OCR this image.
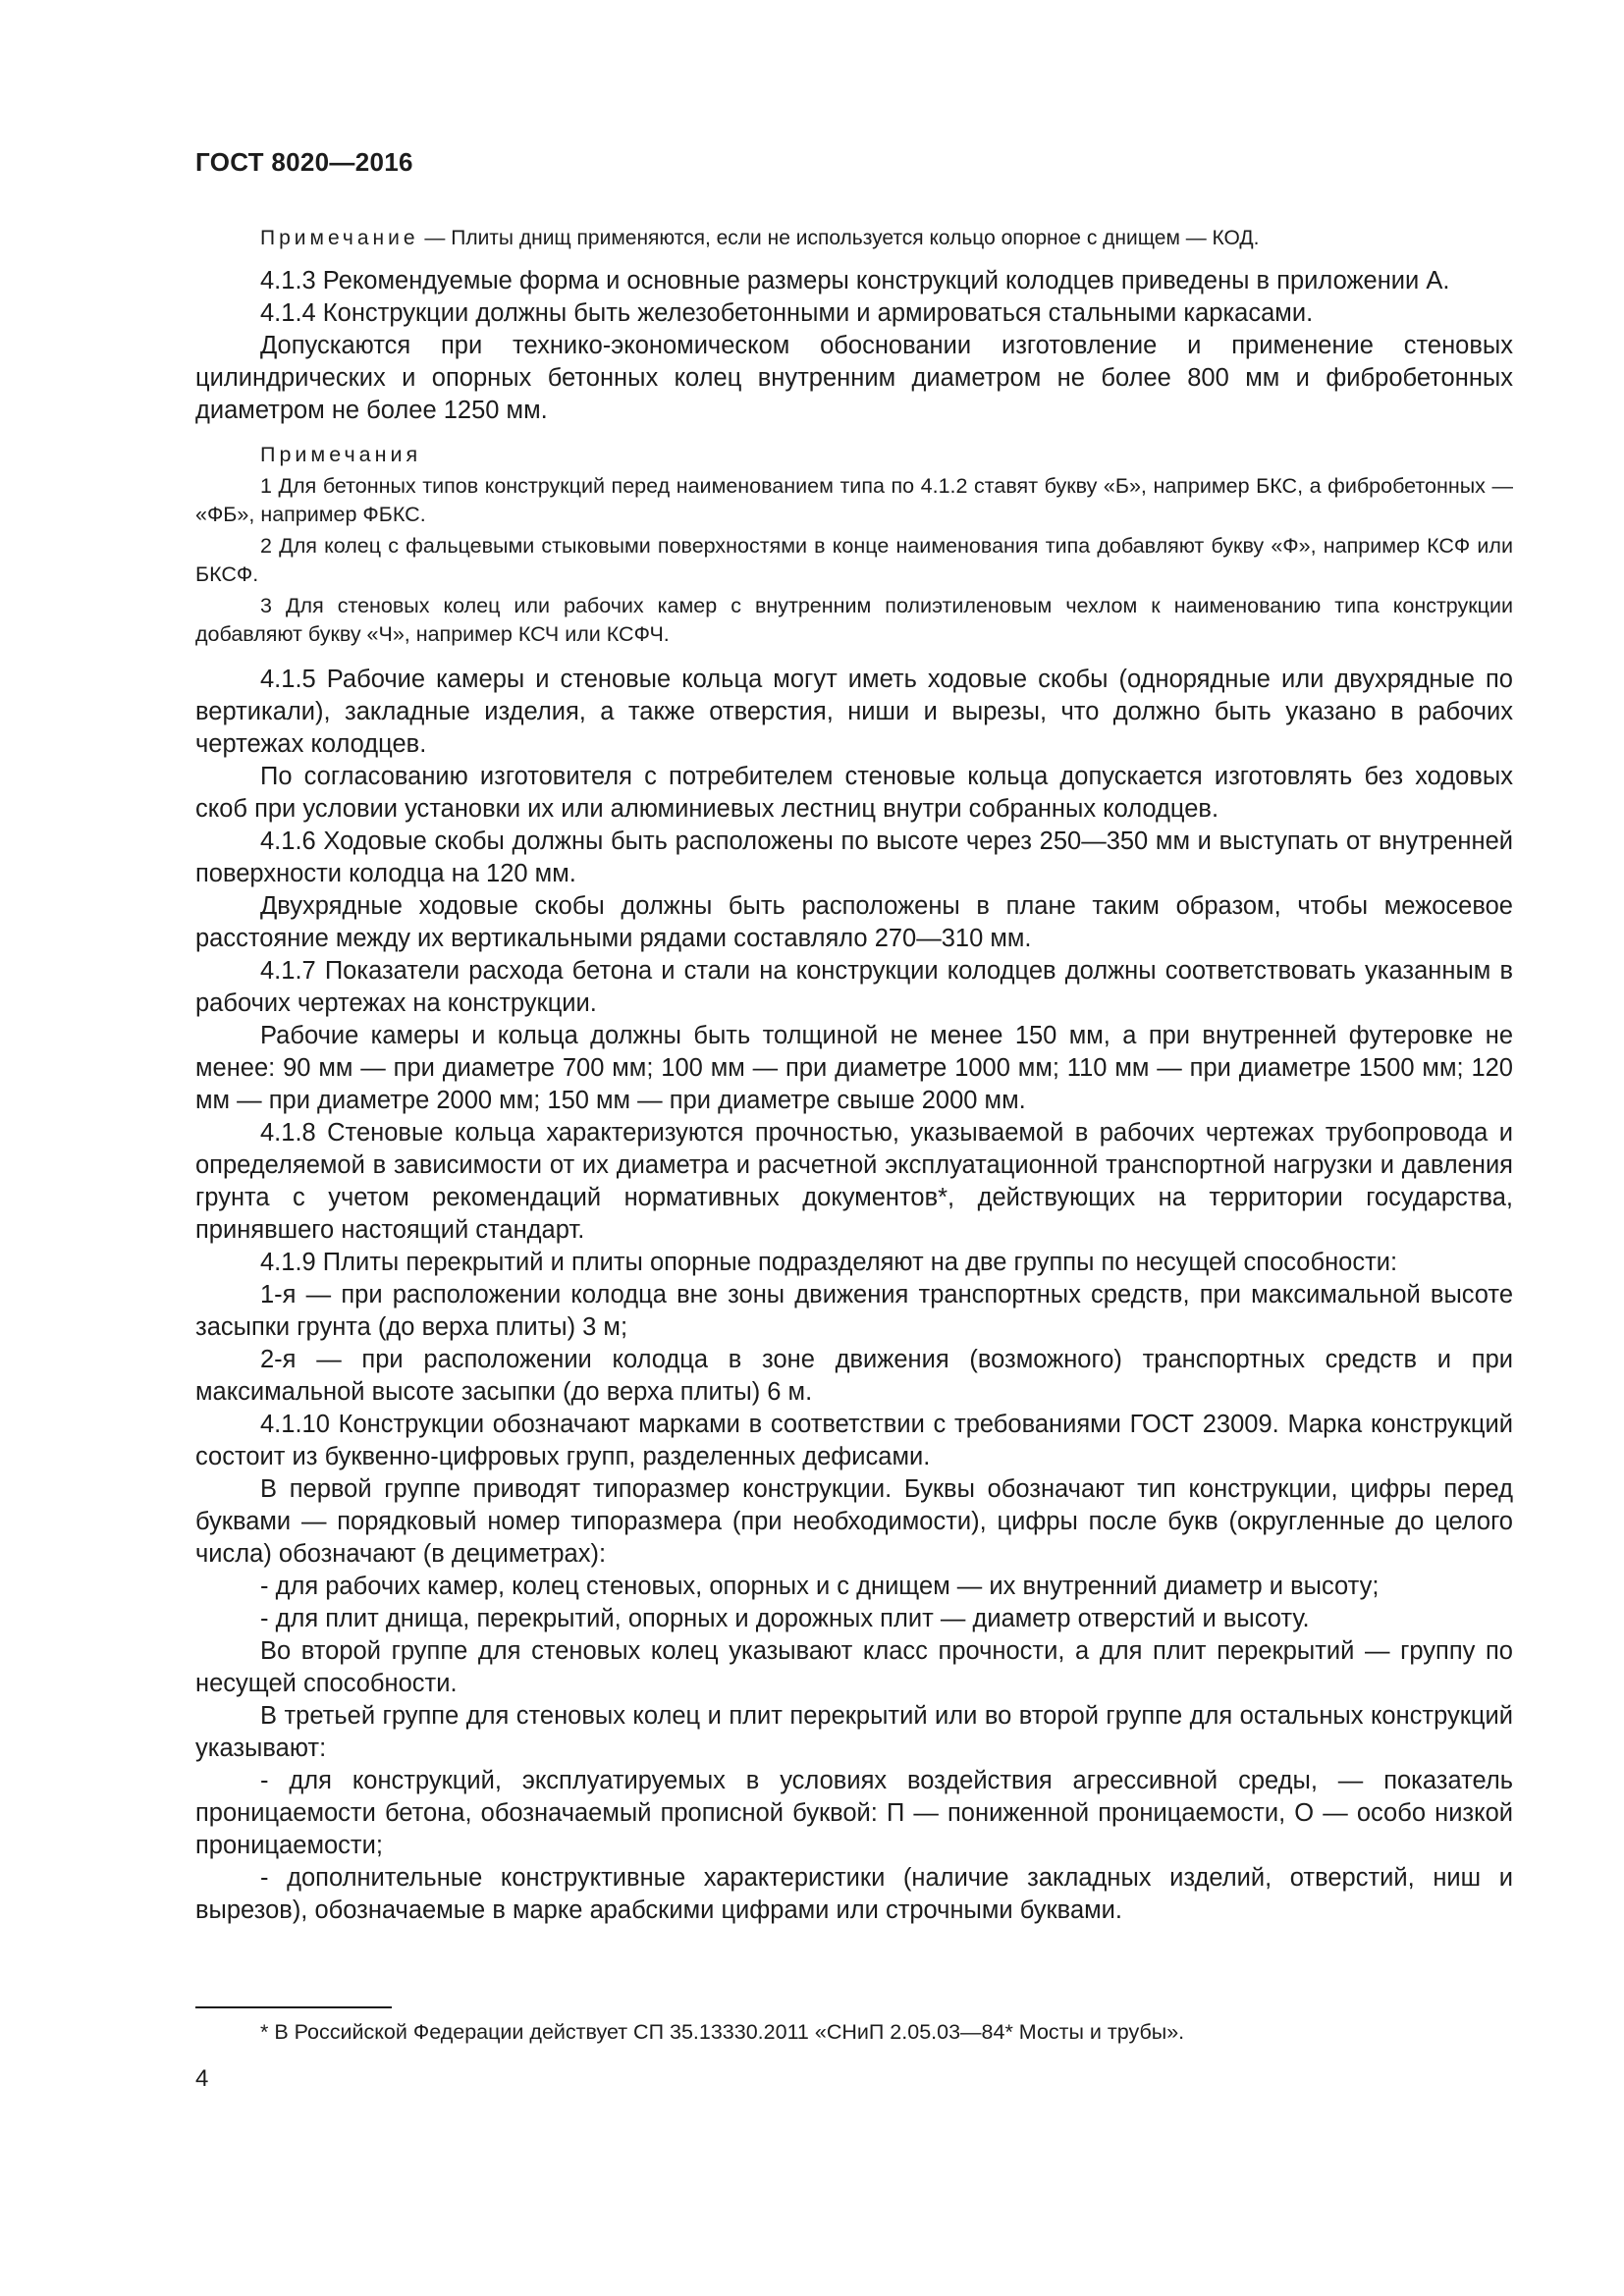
ГОСТ 8020—2016

Примечание — Плиты днищ применяются, если не используется кольцо опорное с днищем — КОД.

4.1.3 Рекомендуемые форма и основные размеры конструкций колодцев приведены в приложении А.

4.1.4 Конструкции должны быть железобетонными и армироваться стальными каркасами.

Допускаются при технико-экономическом обосновании изготовление и применение стеновых цилиндрических и опорных бетонных колец внутренним диаметром не более 800 мм и фибробетонных диаметром не более 1250 мм.

Примечания

1 Для бетонных типов конструкций перед наименованием типа по 4.1.2 ставят букву «Б», например БКС, а фибробетонных — «ФБ», например ФБКС.

2 Для колец с фальцевыми стыковыми поверхностями в конце наименования типа добавляют букву «Ф», например КСФ или БКСФ.

3 Для стеновых колец или рабочих камер с внутренним полиэтиленовым чехлом к наименованию типа конструкции добавляют букву «Ч», например КСЧ или КСФЧ.

4.1.5 Рабочие камеры и стеновые кольца могут иметь ходовые скобы (однорядные или двухрядные по вертикали), закладные изделия, а также отверстия, ниши и вырезы, что должно быть указано в рабочих чертежах колодцев.

По согласованию изготовителя с потребителем стеновые кольца допускается изготовлять без ходовых скоб при условии установки их или алюминиевых лестниц внутри собранных колодцев.

4.1.6 Ходовые скобы должны быть расположены по высоте через 250—350 мм и выступать от внутренней поверхности колодца на 120 мм.

Двухрядные ходовые скобы должны быть расположены в плане таким образом, чтобы межосевое расстояние между их вертикальными рядами составляло 270—310 мм.

4.1.7 Показатели расхода бетона и стали на конструкции колодцев должны соответствовать указанным в рабочих чертежах на конструкции.

Рабочие камеры и кольца должны быть толщиной не менее 150 мм, а при внутренней футеровке не менее: 90 мм — при диаметре 700 мм; 100 мм — при диаметре 1000 мм; 110 мм — при диаметре 1500 мм; 120 мм — при диаметре 2000 мм; 150 мм — при диаметре свыше 2000 мм.

4.1.8 Стеновые кольца характеризуются прочностью, указываемой в рабочих чертежах трубопровода и определяемой в зависимости от их диаметра и расчетной эксплуатационной транспортной нагрузки и давления грунта с учетом рекомендаций нормативных документов*, действующих на территории государства, принявшего настоящий стандарт.

4.1.9 Плиты перекрытий и плиты опорные подразделяют на две группы по несущей способности:

1-я — при расположении колодца вне зоны движения транспортных средств, при максимальной высоте засыпки грунта (до верха плиты) 3 м;

2-я — при расположении колодца в зоне движения (возможного) транспортных средств и при максимальной высоте засыпки (до верха плиты) 6 м.

4.1.10 Конструкции обозначают марками в соответствии с требованиями ГОСТ 23009. Марка конструкций состоит из буквенно-цифровых групп, разделенных дефисами.

В первой группе приводят типоразмер конструкции. Буквы обозначают тип конструкции, цифры перед буквами — порядковый номер типоразмера (при необходимости), цифры после букв (округленные до целого числа) обозначают (в дециметрах):

- для рабочих камер, колец стеновых, опорных и с днищем — их внутренний диаметр и высоту;

- для плит днища, перекрытий, опорных и дорожных плит — диаметр отверстий и высоту.

Во второй группе для стеновых колец указывают класс прочности, а для плит перекрытий — группу по несущей способности.

В третьей группе для стеновых колец и плит перекрытий или во второй группе для остальных конструкций указывают:

- для конструкций, эксплуатируемых в условиях воздействия агрессивной среды, — показатель проницаемости бетона, обозначаемый прописной буквой: П — пониженной проницаемости, О — особо низкой проницаемости;

- дополнительные конструктивные характеристики (наличие закладных изделий, отверстий, ниш и вырезов), обозначаемые в марке арабскими цифрами или строчными буквами.

* В Российской Федерации действует СП 35.13330.2011 «СНиП 2.05.03—84* Мосты и трубы».
4
